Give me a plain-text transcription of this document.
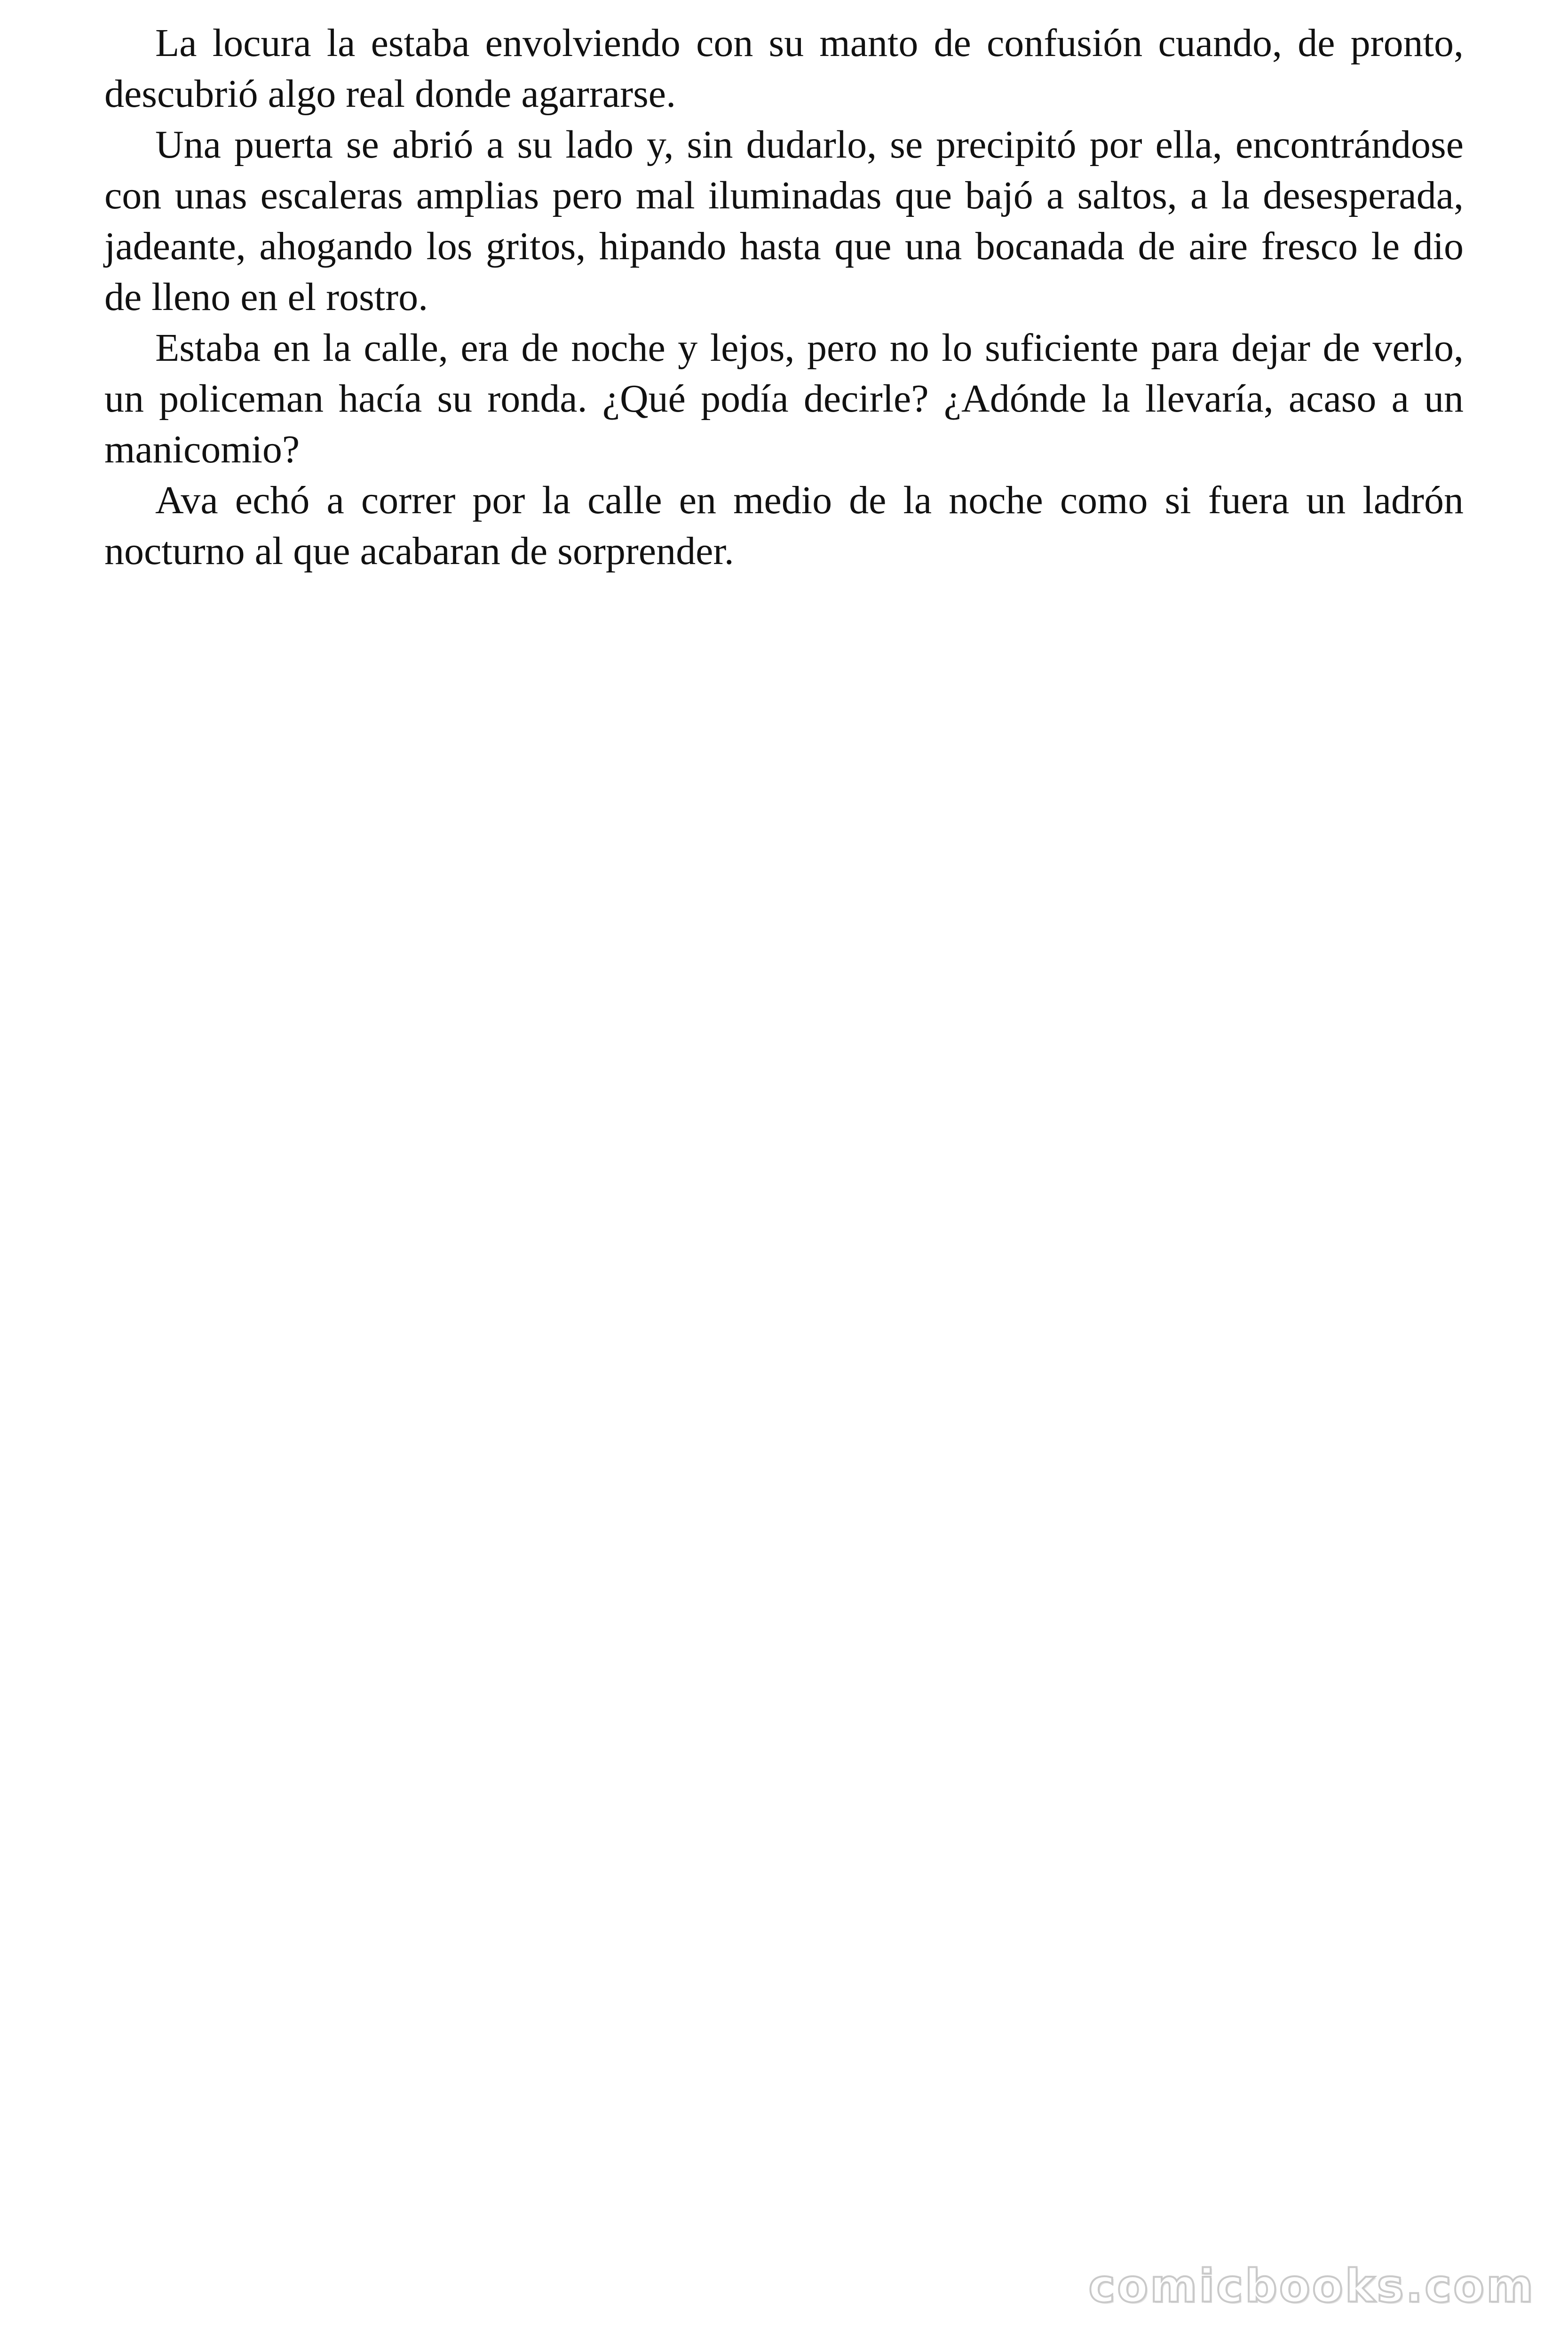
La locura la estaba envolviendo con su manto de confusión cuando, de pronto, descubrió algo real donde agarrarse.

Una puerta se abrió a su lado y, sin dudarlo, se precipitó por ella, encontrándose con unas escaleras amplias pero mal iluminadas que bajó a saltos, a la desesperada, jadeante, ahogando los gritos, hipando hasta que una bocanada de aire fresco le dio de lleno en el rostro.

Estaba en la calle, era de noche y lejos, pero no lo suficiente para dejar de verlo, un policeman hacía su ronda. ¿Qué podía decirle? ¿Adónde la llevaría, acaso a un manicomio?

Ava echó a correr por la calle en medio de la noche como si fuera un ladrón nocturno al que acabaran de sorprender.

comicbooks.com
